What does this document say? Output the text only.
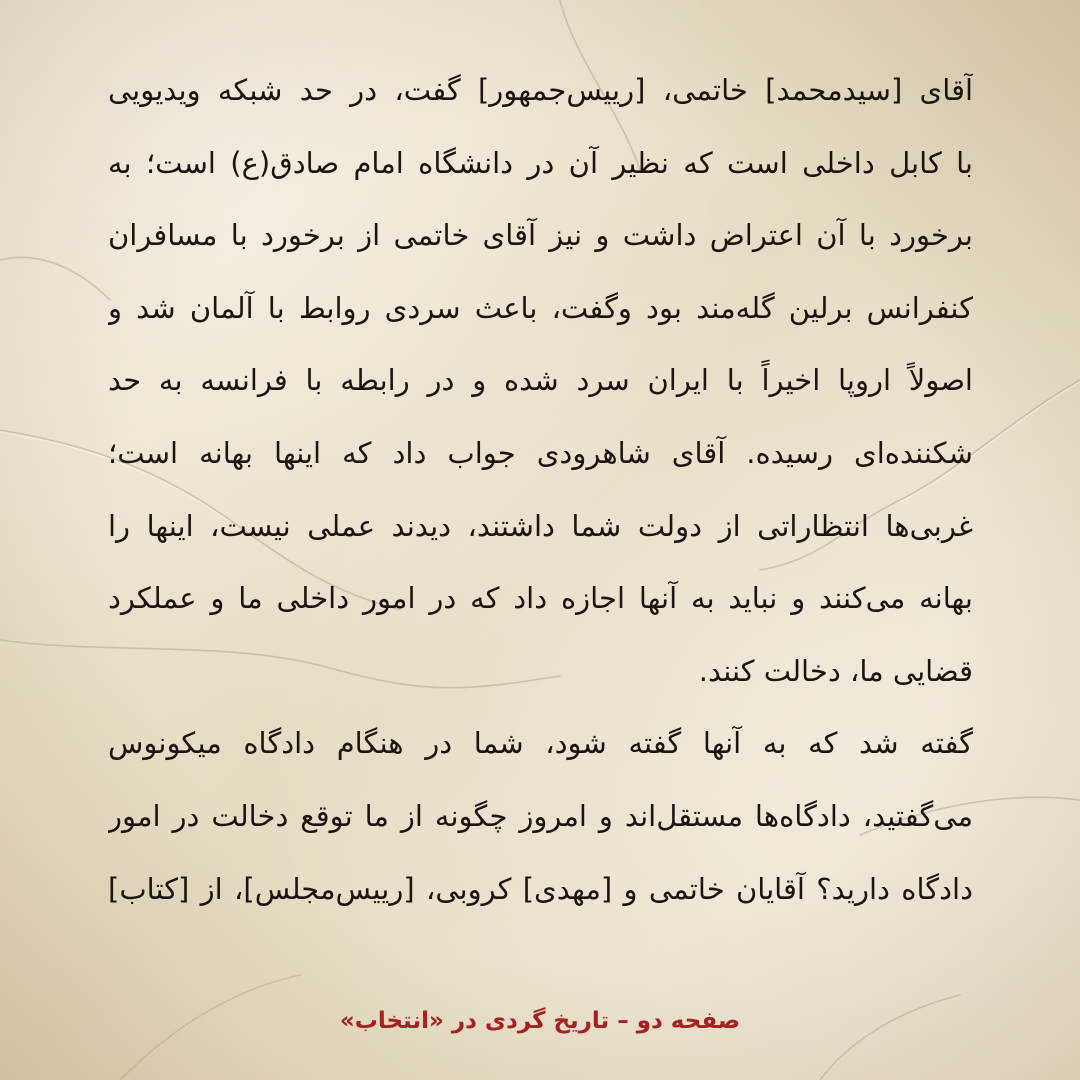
آقای [سیدمحمد] خاتمی، [رییس‌جمهور] گفت، در حد شبکه ویدیویی
با کابل داخلی است که نظیر آن در دانشگاه امام صادق(ع) است؛ به
برخورد با آن اعتراض داشت و نیز آقای خاتمی از برخورد با مسافران
کنفرانس برلین گله‌مند بود وگفت، باعث سردی روابط با آلمان شد و
اصولاً اروپا اخیراً با ایران سرد شده و در رابطه با فرانسه به حد
شکننده‌ای رسیده. آقای شاهرودی جواب داد که اینها بهانه است؛
غربی‌ها انتظاراتی از دولت شما داشتند، دیدند عملی نیست، اینها را
بهانه می‌کنند و نباید به آنها اجازه داد که در امور داخلی ما و عملکرد
قضایی ما، دخالت کنند.
گفته شد که به آنها گفته شود، شما در هنگام دادگاه میکونوس
می‌گفتید، دادگاه‌ها مستقل‌اند و امروز چگونه از ما توقع دخالت در امور
دادگاه دارید؟ آقایان خاتمی و [مهدی] کروبی، [رییس‌مجلس]، از [کتاب]
صفحه دو – تاریخ گردی در «انتخاب»
